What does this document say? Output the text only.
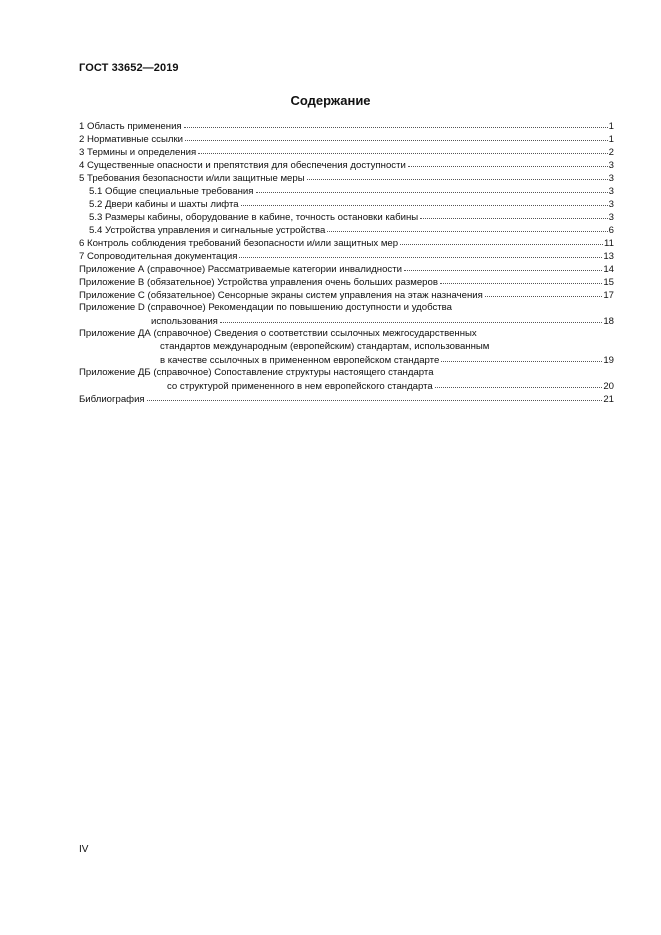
ГОСТ 33652—2019
Содержание
1 Область применения	1
2 Нормативные ссылки	1
3 Термины и определения	2
4 Существенные опасности и препятствия для обеспечения доступности	3
5 Требования безопасности и/или защитные меры	3
5.1 Общие специальные требования	3
5.2 Двери кабины и шахты лифта	3
5.3 Размеры кабины, оборудование в кабине, точность остановки кабины	3
5.4 Устройства управления и сигнальные устройства	6
6 Контроль соблюдения требований безопасности и/или защитных мер	11
7 Сопроводительная документация	13
Приложение А (справочное) Рассматриваемые категории инвалидности	14
Приложение В (обязательное) Устройства управления очень больших размеров	15
Приложение С (обязательное) Сенсорные экраны систем управления на этаж назначения	17
Приложение D (справочное) Рекомендации по повышению доступности и удобства
использования	18
Приложение ДА (справочное) Сведения о соответствии ссылочных межгосударственных
стандартов международным (европейским) стандартам, использованным
в качестве ссылочных в примененном европейском стандарте	19
Приложение ДБ (справочное) Сопоставление структуры настоящего стандарта
со структурой примененного в нем европейского стандарта	20
Библиография	21
IV
